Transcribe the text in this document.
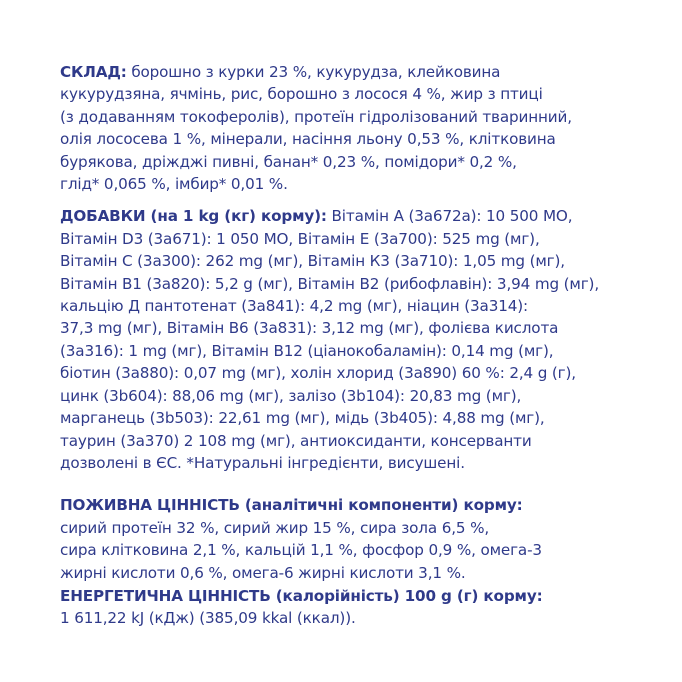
СКЛАД: борошно з курки 23 %, кукурудза, клейковина
кукурудзяна, ячмінь, рис, борошно з лосося 4 %, жир з птиці
(з додаванням токоферолів), протеїн гідролізований тваринний,
олія лососева 1 %, мінерали, насіння льону 0,53 %, клітковина
бурякова, дріжджі пивні, банан* 0,23 %, помідори* 0,2 %,
глід* 0,065 %, імбир* 0,01 %.

ДОБАВКИ (на 1 kg (кг) корму): Вітамін А (3а672а): 10 500 МО,
Вітамін D3 (3а671): 1 050 МО, Вітамін Е (3а700): 525 mg (мг),
Вітамін С (3а300): 262 mg (мг), Вітамін К3 (3а710): 1,05 mg (мг),
Вітамін В1 (3а820): 5,2 g (мг), Вітамін В2 (рибофлавін): 3,94 mg (мг),
кальцію Д пантотенат (3а841): 4,2 mg (мг), ніацин (3а314):
37,3 mg (мг), Вітамін В6 (3а831): 3,12 mg (мг), фолієва кислота
(3а316): 1 mg (мг), Вітамін В12 (ціанокобаламін): 0,14 mg (мг),
біотин (3а880): 0,07 mg (мг), холін хлорид (3а890) 60 %: 2,4 g (г),
цинк (3b604): 88,06 mg (мг), залізо (3b104): 20,83 mg (мг),
марганець (3b503): 22,61 mg (мг), мідь (3b405): 4,88 mg (мг),
таурин (3а370) 2 108 mg (мг), антиоксиданти, консерванти
дозволені в ЄС. *Натуральні інгредієнти, висушені.

ПОЖИВНА ЦІННІСТЬ (аналітичні компоненти) корму:
сирий протеїн 32 %, сирий жир 15 %, сира зола 6,5 %,
сира клітковина 2,1 %, кальцій 1,1 %, фосфор 0,9 %, омега-3
жирні кислоти 0,6 %, омега-6 жирні кислоти 3,1 %.

ЕНЕРГЕТИЧНА ЦІННІСТЬ (калорійність) 100 g (г) корму:
1 611,22 kJ (кДж) (385,09 kkal (ккал)).
